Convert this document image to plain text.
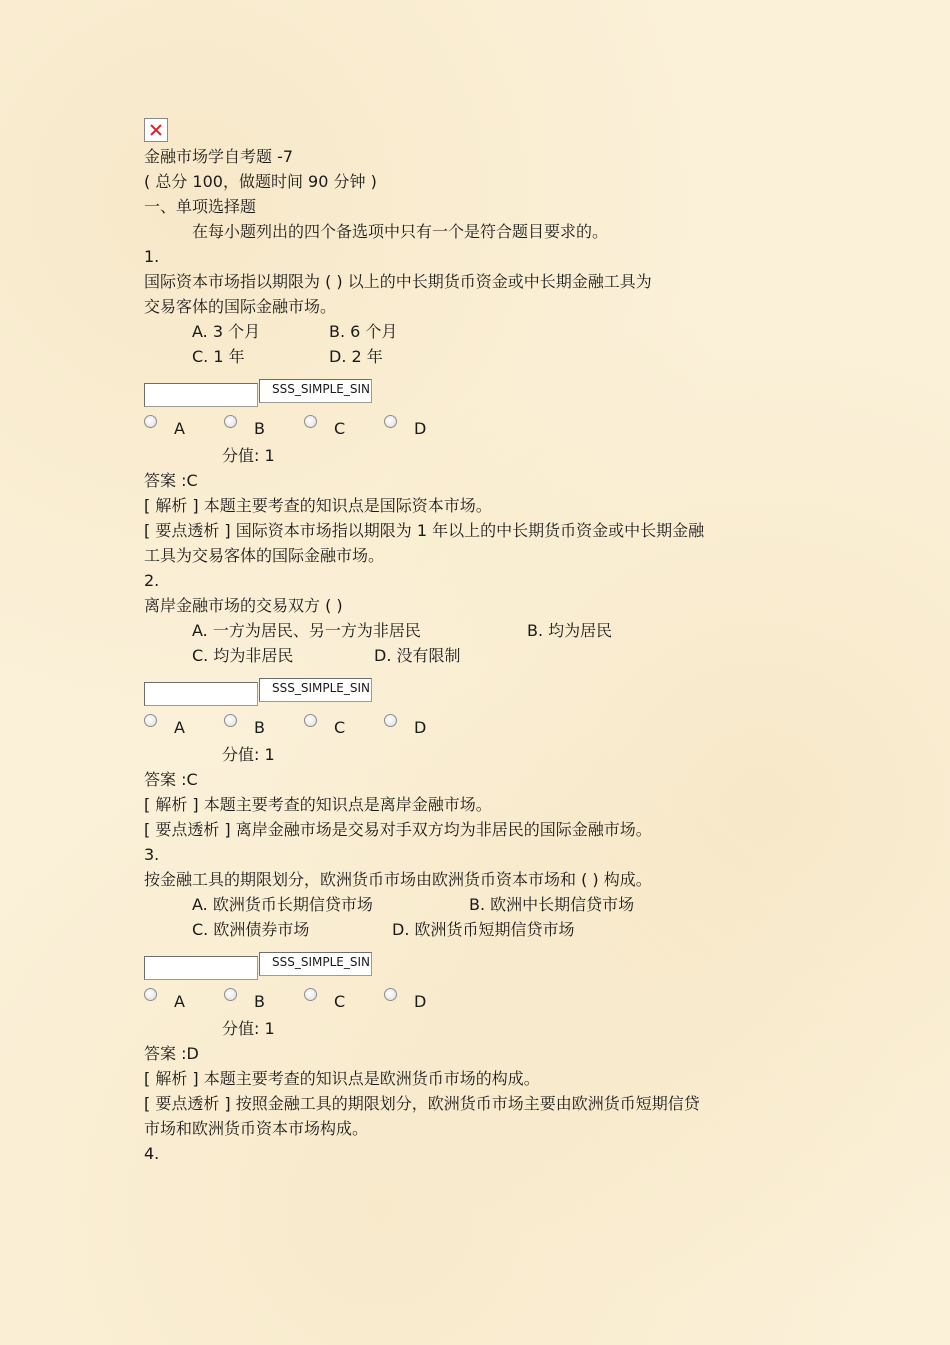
金融市场学自考题 -7
( 总分 100，做题时间 90 分钟 )
一、单项选择题
在每小题列出的四个备选项中只有一个是符合题目要求的。
1.
国际资本市场指以期限为 ( ) 以上的中长期货币资金或中长期金融工具为
交易客体的国际金融市场。
A. 3 个月	B. 6 个月
C. 1 年	D. 2 年
SSS_SIMPLE_SIN
A	B	C	D
分值: 1
答案 :C
[ 解析 ] 本题主要考查的知识点是国际资本市场。
[ 要点透析 ] 国际资本市场指以期限为 1 年以上的中长期货币资金或中长期金融
工具为交易客体的国际金融市场。
2.
离岸金融市场的交易双方 ( )
A. 一方为居民、另一方为非居民	B. 均为居民
C. 均为非居民	D. 没有限制
SSS_SIMPLE_SIN
A	B	C	D
分值: 1
答案 :C
[ 解析 ] 本题主要考查的知识点是离岸金融市场。
[ 要点透析 ] 离岸金融市场是交易对手双方均为非居民的国际金融市场。
3.
按金融工具的期限划分，欧洲货币市场由欧洲货币资本市场和 ( ) 构成。
A. 欧洲货币长期信贷市场	B. 欧洲中长期信贷市场
C. 欧洲债券市场	D. 欧洲货币短期信贷市场
SSS_SIMPLE_SIN
A	B	C	D
分值: 1
答案 :D
[ 解析 ] 本题主要考查的知识点是欧洲货币市场的构成。
[ 要点透析 ] 按照金融工具的期限划分，欧洲货币市场主要由欧洲货币短期信贷
市场和欧洲货币资本市场构成。
4.
